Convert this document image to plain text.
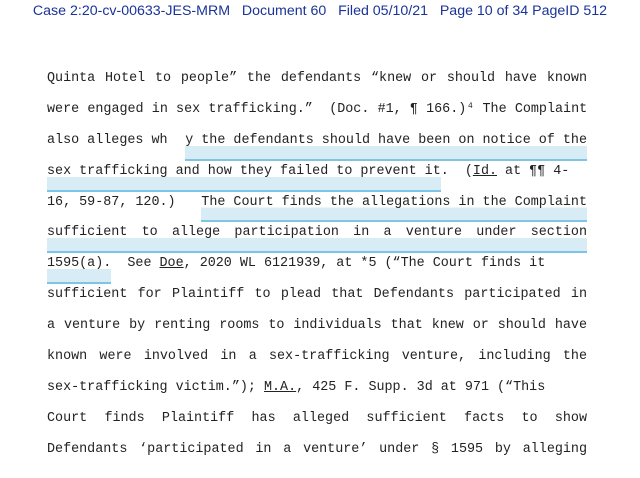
Case 2:20-cv-00633-JES-MRM Document 60 Filed 05/10/21 Page 10 of 34 PageID 512
Quinta Hotel to people” the defendants “knew or should have known
were engaged in sex trafficking.”  (Doc. #1, ¶ 166.)⁴ The Complaint
also alleges wh y the defendants should have been on notice of the
sex trafficking and how they failed to prevent it .  ( Id. at ¶¶ 4-
16, 59-87, 120.) The Court finds the allegations in the Complaint
sufficient to allege participation in a venture under section
1595(a). See Doe , 2020 WL 6121939, at *5 (“The Court finds it
sufficient for Plaintiff to plead that Defendants participated in
a venture by renting rooms to individuals that knew or should have
known were involved in a sex-trafficking venture, including the
sex-trafficking victim.”); M.A. , 425 F. Supp. 3d at 971 (“This
Court finds Plaintiff has alleged sufficient facts to show
Defendants ‘participated in a venture’ under § 1595 by alleging
